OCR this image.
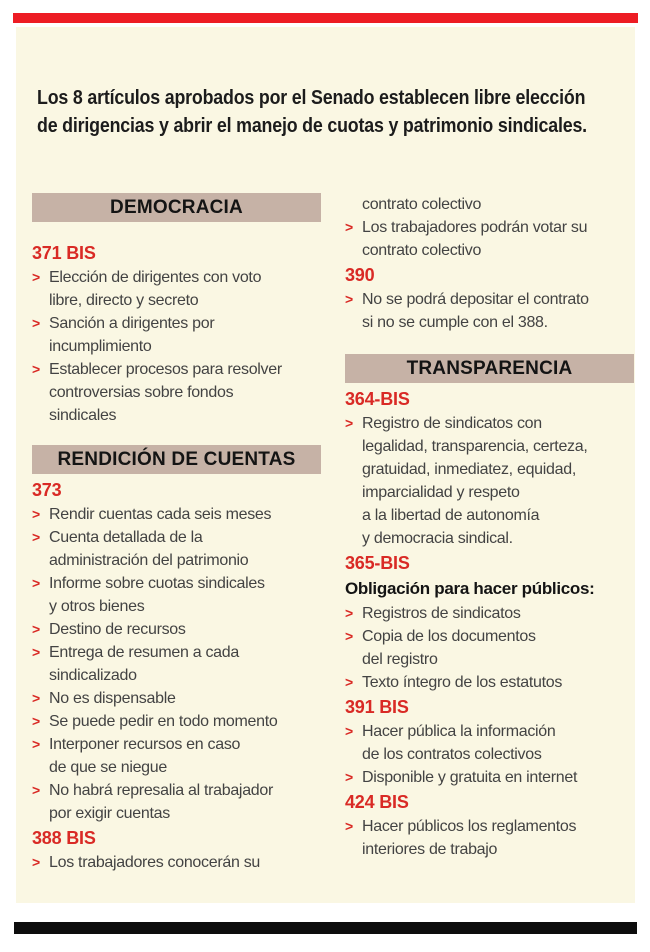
Los 8 artículos aprobados por el Senado establecen libre elección
de dirigencias y abrir el manejo de cuotas y patrimonio sindicales.
DEMOCRACIA
371 BIS
> Elección de dirigentes con voto
libre, directo y secreto
> Sanción a dirigentes por
incumplimiento
> Establecer procesos para resolver
controversias sobre fondos
sindicales
RENDICIÓN DE CUENTAS
373
> Rendir cuentas cada seis meses
> Cuenta detallada de la
administración del patrimonio
> Informe sobre cuotas sindicales
y otros bienes
> Destino de recursos
> Entrega de resumen a cada
sindicalizado
> No es dispensable
> Se puede pedir en todo momento
> Interponer recursos en caso
de que se niegue
> No habrá represalia al trabajador
por exigir cuentas
388 BIS
> Los trabajadores conocerán su
contrato colectivo
> Los trabajadores podrán votar su
contrato colectivo
390
> No se podrá depositar el contrato
si no se cumple con el 388.
TRANSPARENCIA
364-BIS
> Registro de sindicatos con
legalidad, transparencia, certeza,
gratuidad, inmediatez, equidad,
imparcialidad y respeto
a la libertad de autonomía
y democracia sindical.
365-BIS
Obligación para hacer públicos:
> Registros de sindicatos
> Copia de los documentos
del registro
> Texto íntegro de los estatutos
391 BIS
> Hacer pública la información
de los contratos colectivos
> Disponible y gratuita en internet
424 BIS
> Hacer públicos los reglamentos
interiores de trabajo
